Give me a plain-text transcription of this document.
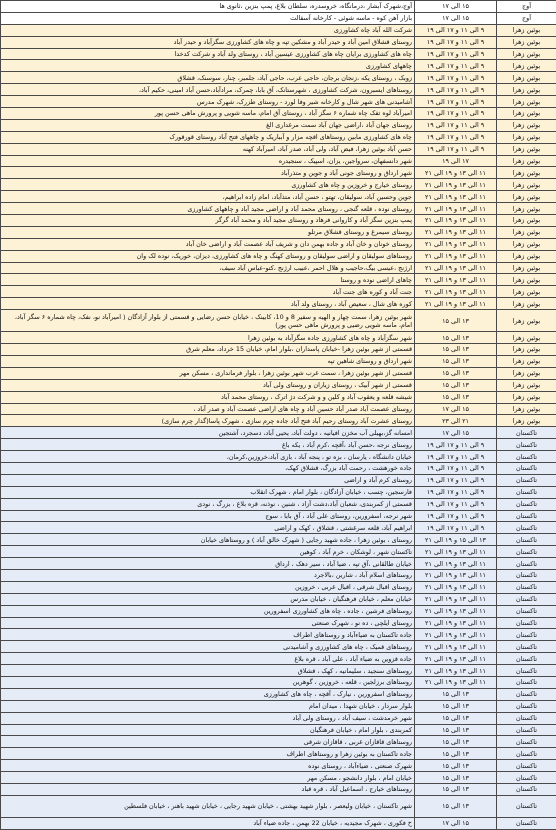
آوج	۱۵ الی ۱۷	آوج،شهرک آبشار ،درمانگاه، خروسدره، سلطان بلاغ، پمپ بنزین ،ثانوی ها
آوج	۱۵ الی ۱۷	بازار آهن کوه - ماسه شوئی - کارخانه آسفالت
بوئین زهرا	۹ الی ۱۱ و ۱۷ الی ۱۹	شرکت الله آباد چاه کشاورزی
بوئین زهرا	۹ الی ۱۱ و ۱۷ الی ۱۹	روستای قشلاق امین آباد و حیدر آباد و مشکین تپه و چاه های کشاورزی سگزآباد و حیدر آباد
بوئین زهرا	۹ الی ۱۱ و ۱۷ الی ۱۹	چاه های کشاورزی برایان چاه های کشاورزی عیسین آباد ، روستای ولد آباد و شرکت کدخدا
بوئین زهرا	۹ الی ۱۱ و ۱۷ الی ۱۹	چاههای کشاورزی
بوئین زهرا	۹ الی ۱۱ و ۱۷ الی ۱۹	زوبک ، روستای یکه ،زنجان برجان، حاجی عرب، حاجی آباد، جلمبر، چنار، سوسنک، قشلاق
بوئین زهرا	۹ الی ۱۱ و ۱۷ الی ۱۹	روستاهای ایسبرون، شرکت کشاورزی ، شهرستانک، آق بابا، چمرک، مرادآباد،حسن آباد امینی، حکیم آباد،
بوئین زهرا	۹ الی ۱۱ و ۱۷ الی ۱۹	آشامیدنی های شهر شال و کارخانه شیر وفا لورد - روستای طزرک، شهرک مدرس
بوئین زهرا	۹ الی ۱۱ و ۱۷ الی ۱۹	امیرآباد لوه تفک چاه شماره ۶ سگز آباد ، روستای آق امام، ماسه شویی و پرورش ماهی حسن پور
بوئین زهرا	۹ الی ۱۱ و ۱۷ الی ۱۹	روستای جهان آباد ،اراضی جهان آباد سمت مرغداری الغ
بوئین زهرا	۹ الی ۱۱ و ۱۷ الی ۱۹	چاه های کشاورزی مابین روستاهای اقچه مزار و آبباریک و چاههای فتح آباد روستای قورقورک
بوئین زهرا	۹ الی ۱۱ و ۱۷ الی ۱۹	حسن آباد بوئین زهرا، فیض آباد، ولی آباد، صدر آباد، امیرآباد کهنه
بوئین زهرا	۱۷ الی ۱۹	شهر دانسفهان، سرواجین، یزان، اسپیک ، سنجیدره
بوئین زهرا	۱۱ الی ۱۳ و ۱۹ الی ۲۱	شهر ارداق و روستای جونی آباد و جوین و متذرآباد
بوئین زهرا	۱۱ الی ۱۳ و ۱۹ الی ۲۱	روستای خیارج و خروزین و چاه های کشاورزی
بوئین زهرا	۱۱ الی ۱۳ و ۱۹ الی ۲۱	جوین وحسین آباد، سولیقان، تهتو ، حسن آباد، متذآباد، امام زاده ابراهیم،
بوئین زهرا	۱۱ الی ۱۳ و ۱۹ الی ۲۱	روستای نوده ، قلعه گنجی ، روستای محمد آباد و اراضی مجید آباد و چاههای کشاورزی
بوئین زهرا	۱۱ الی ۱۳ و ۱۹ الی ۲۱	پمپ بنزین سگز آباد و کاروانی فرهاد و روستای مجید آباد و محمد آباد گرگر
بوئین زهرا	۱۱ الی ۱۳ و ۱۹ الی ۲۱	روستای سیمرغ و روستای قشلاق مرتلو
بوئین زهرا	۱۱ الی ۱۳ و ۱۹ الی ۲۱	روستای خونان و خان آباد و جاده بهمن دان و شریف آباد عصمت آباد و اراضی خان آباد
بوئین زهرا	۱۱ الی ۱۳ و ۱۹ الی ۲۱	روستاهای سولیقان و اراضی سولیقان و روستای کهنگ و چاه های کشاورزی، دیزان، خوریک، نوده لک وان
بوئین زهرا	۱۱ الی ۱۳ و ۱۹ الی ۲۱	ارژنج ،عیسی بیگ،حاجیب و هلال احمر ،عبیب ارژنج ،کتو-عباس آباد سیف،
بوئین زهرا	۱۱ الی ۱۳ و ۱۹ الی ۲۱	چاهای اراضی نوده و روستا
بوئین زهرا	۱۱ الی ۱۳ و ۱۹ الی ۲۱	جنت آباد و کوره های جنت آباد
بوئین زهرا	۱۱ الی ۱۳ و ۱۹ الی ۲۱	کوره های شال ، سعیص آباد ، روستای ولد آباد
بوئین زهرا	۱۳ الی ۱۵	شهر بوئین زهرا، سمت چهار و الهیه و سفیر 8 و 10، کابینک ، خیابان حسن رضایی و قسمتی از بلوار آزادگان ( امیرآباد نو، نفک، چاه شماره ۶ سگز آباد، امام، ماسه شویی رضیی و پرورش ماهی حسن پور)
بوئین زهرا	۱۳ الی ۱۵	شهر سگزآباد و چاه های کشاورزی جاده سگزآباد به بوئین زهرا
بوئین زهرا	۱۳ الی ۱۵	قسمتی از شهر بوئین زهرا -خیابان پاسداران ،بلوار امام، خیابان 15 خرداد، معلم شرق
بوئین زهرا	۱۳ الی ۱۵	شهر ارداق و روستای شاهین تپه
بوئین زهرا	۱۳ الی ۱۵	قسمتی از شهر بوئین زهرا ، سمت غرب شهر بوئین زهرا ، بلوار فرمانداری ، مسکن مهر
بوئین زهرا	۱۳ الی ۱۵	قسمتی از شهر آبیک ، روستای زیاران و روستای ولی آباد
بوئین زهرا	۱۳ الی ۱۵	شیشه قلعه و یعقوب آباد و کلین و و شرکت دژ اترک ، روستای محمد آباد
بوئین زهرا	۱۵ الی ۱۷	روستای عصمت آباد صدر آباد حسین آباد و چاه های اراضی عصمت آباد و صدر آباد ،
بوئین زهرا	۲۱ الی ۲۳	روستای عشرت آباد روستای رحیم آباد فتح آباد جاده چرم سازی ، شهرک پاسا(گدار چرم سازی)
تاکستان	۱۵ الی ۱۷	امسانه گز،بهیلی آب مخزن افیانیه ، دولت آباد، یحیی آباد، دسجرد، آشتجین
تاکستان	۹ الی ۱۱ و ۱۷ الی ۱۹	روستای نرجه ،حسن آباد ،آقچه ،کرم آباد ، یکه باغ
تاکستان	۹ الی ۱۱ و ۱۷ الی ۱۹	خیابان دانشگاه ، یارسان ، بزه تو ، پنجه آباد ، بازی آباد،خروزین،کرمان،
تاکستان	۹ الی ۱۱ و ۱۷ الی ۱۹	جاده خورهشت ، رحمت آباد بزرگ، قشلاق کهک،
تاکستان	۹ الی ۱۱ و ۱۷ الی ۱۹	روستای کرم آباد و اراضی
تاکستان	۹ الی ۱۱ و ۱۷ الی ۱۹	فارسجین، چسب ، خیابان آزادگان ، بلوار امام ، شهرک انقلاب
تاکستان	۹ الی ۱۱ و ۱۷ الی ۱۹	قسمتی از کمربندی، شعبان آباد،دشت آزاد ، شنین ، نوذنه، قره بلاغ ، بزرگ ، نودی
تاکستان	۹ الی ۱۱ و ۱۷ الی ۱۹	شهر نرجه، اسفرورین، روستای علی آباد ، آق بابا ، سوج
تاکستان	۹ الی ۱۱ و ۱۷ الی ۱۹	ابراهیم آباد، قلعه سرغشتی ، قشلاق ، کهک و اراضی
تاکستان	۱۳ الی ۱۵ و ۱۹ الی ۲۱	روستای ، بوئین زهرا ، جاده شهید رجایی ( شهرک خالق آباد ) و روستاهای خیابان
تاکستان	۱۱ الی ۱۳ و ۱۹ الی ۲۱	تاکستان شهر ، لوشکان ، خرم آباد ، کوهین
تاکستان	۱۱ الی ۱۳ و ۱۹ الی ۲۱	خیابان طالقانی ،آق تپه ، ضیا آباد ، سیر دهک ، ارداق
تاکستان	۱۱ الی ۱۳ و ۱۹ الی ۲۱	روستاهای اسلام آباد ، شارین ،بالاجرد
تاکستان	۱۱ الی ۱۳ و ۱۹ الی ۲۱	روستای اقبال شرقی ، اقبال غربی ، خروزین
تاکستان	۱۱ الی ۱۳ و ۱۹ الی ۲۱	خیابان معلم ، خیابان فرهنگیان ، خیابان مدرس
تاکستان	۱۱ الی ۱۳ و ۱۹ الی ۲۱	روستاهای فرشین ، جاده ، چاه های کشاورزی اسفرورین
تاکستان	۱۱ الی ۱۳ و ۱۹ الی ۲۱	روستای ایلچی ، ده نو ، شهرک صنعتی
تاکستان	۱۱ الی ۱۳ و ۱۹ الی ۲۱	جاده تاکستان به ضیاءآباد و روستاهای اطراف
تاکستان	۱۱ الی ۱۳ و ۱۹ الی ۲۱	روستاهای قمیک ، چاه های کشاورزی و آشامیدنی
تاکستان	۱۱ الی ۱۳ و ۱۹ الی ۲۱	جاده قزوین به ضیاء آباد ، علی آباد ، قره بلاغ
تاکستان	۱۱ الی ۱۳ و ۱۹ الی ۲۱	روستاهای سنجید ، سلیمانیه ، کهک ، قشلاق
تاکستان	۱۱ الی ۱۳ و ۱۹ الی ۲۱	روستاهای برزلجین ، قلعه ، خروزین ، گوهرین
تاکستان	۱۳ الی ۱۵	روستاهای اسفرورین ، نیارک ، آقچه ، چاه های کشاورزی
تاکستان	۱۳ الی ۱۵	بلوار سردار ، خیابان شهدا ، میدان امام
تاکستان	۱۳ الی ۱۵	شهر خرمدشت ، سیف آباد ، روستای ولی آباد
تاکستان	۱۳ الی ۱۵	کمربندی ، بلوار امام ، خیابان فرهنگیان
تاکستان	۱۳ الی ۱۵	روستاهای قاقازان غربی ، قاقازان شرقی
تاکستان	۱۳ الی ۱۵	جاده تاکستان به بوئین زهرا و روستاهای اطراف
تاکستان	۱۳ الی ۱۵	شهرک صنعتی ، ضیاءآباد ، روستای نوده
تاکستان	۱۳ الی ۱۵	خیابان امام ، بلوار دانشجو ، مسکن مهر
تاکستان	۱۳ الی ۱۵	روستاهای خیارج ، اسماعیل آباد ، قره قباد
تاکستان	۱۳ الی ۱۵	شهر تاکستان ، خیابان ولیعصر ، بلوار شهید بهشتی ، خیابان شهید رجایی ، خیابان شهید باهنر ، خیابان فلسطین
تاکستان	۱۵ الی ۱۷	خ فکوری ، شهرک مجیدیه ، خیابان 22 بهمن ، جاده ضیاء آباد
